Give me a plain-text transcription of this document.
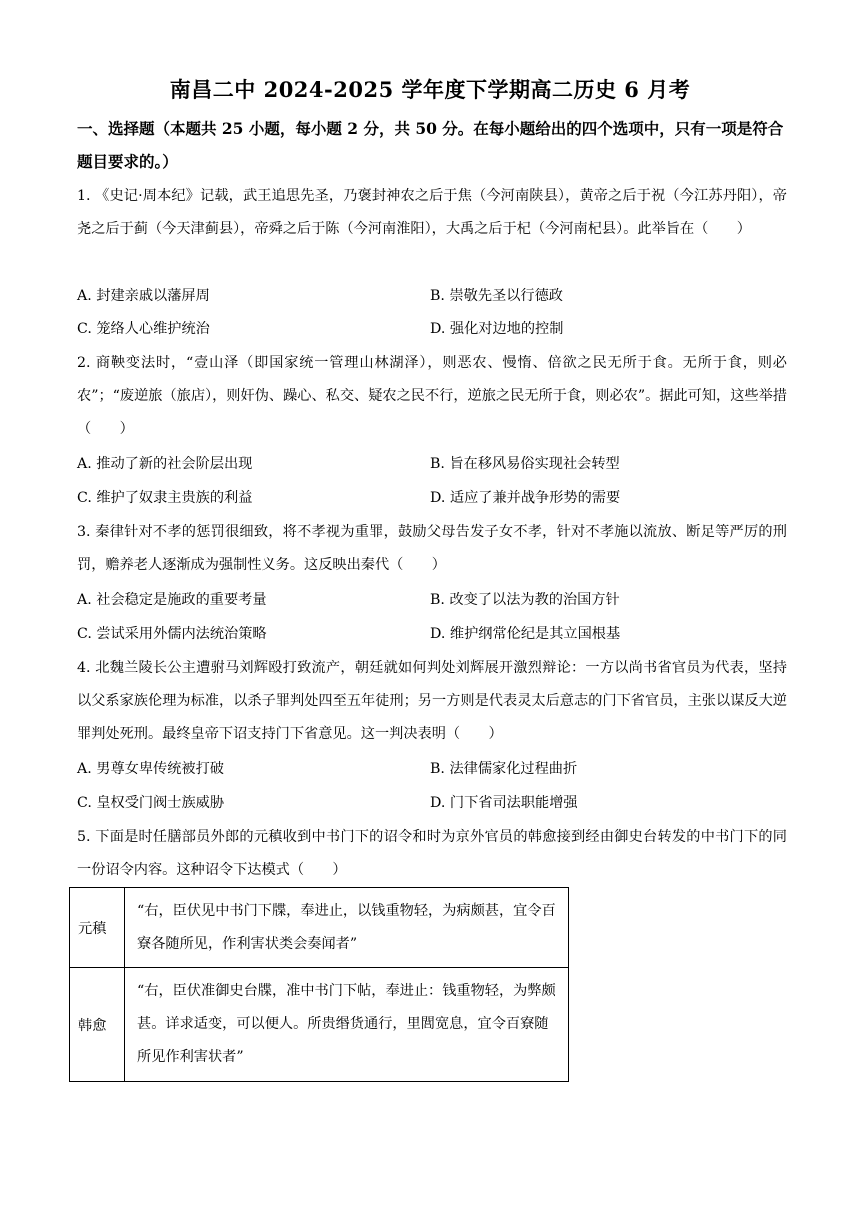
南昌二中 2024-2025 学年度下学期高二历史 6 月考
一、选择题（本题共 25 小题，每小题 2 分，共 50 分。在每小题给出的四个选项中，只有一项是符合题目要求的。）
1. 《史记·周本纪》记载，武王追思先圣，乃褒封神农之后于焦（今河南陕县），黄帝之后于祝（今江苏丹阳），帝尧之后于蓟（今天津蓟县），帝舜之后于陈（今河南淮阳），大禹之后于杞（今河南杞县）。此举旨在（　　）
A. 封建亲戚以藩屏周	B. 崇敬先圣以行德政
C. 笼络人心维护统治	D. 强化对边地的控制
2. 商鞅变法时，“壹山泽（即国家统一管理山林湖泽），则恶农、慢惰、倍欲之民无所于食。无所于食，则必农”；“废逆旅（旅店），则奸伪、躁心、私交、疑农之民不行，逆旅之民无所于食，则必农”。据此可知，这些举措（　　）
A. 推动了新的社会阶层出现	B. 旨在移风易俗实现社会转型
C. 维护了奴隶主贵族的利益	D. 适应了兼并战争形势的需要
3. 秦律针对不孝的惩罚很细致，将不孝视为重罪，鼓励父母告发子女不孝，针对不孝施以流放、断足等严厉的刑罚，赡养老人逐渐成为强制性义务。这反映出秦代（　　）
A. 社会稳定是施政的重要考量	B. 改变了以法为教的治国方针
C. 尝试采用外儒内法统治策略	D. 维护纲常伦纪是其立国根基
4. 北魏兰陵长公主遭驸马刘辉殴打致流产，朝廷就如何判处刘辉展开激烈辩论：一方以尚书省官员为代表，坚持以父系家族伦理为标准，以杀子罪判处四至五年徒刑；另一方则是代表灵太后意志的门下省官员，主张以谋反大逆罪判处死刑。最终皇帝下诏支持门下省意见。这一判决表明（　　）
A. 男尊女卑传统被打破	B. 法律儒家化过程曲折
C. 皇权受门阀士族威胁	D. 门下省司法职能增强
5. 下面是时任膳部员外郎的元稹收到中书门下的诏令和时为京外官员的韩愈接到经由御史台转发的中书门下的同一份诏令内容。这种诏令下达模式（　　）
元稹	“右，臣伏见中书门下牒，奉进止，以钱重物轻，为病颇甚，宜令百寮各随所见，作利害状类会奏闻者”
韩愈	“右，臣伏准御史台牒，准中书门下帖，奉进止：钱重物轻，为弊颇甚。详求适变，可以便人。所贵缗货通行，里閭宽息，宜令百寮随所见作利害状者”
